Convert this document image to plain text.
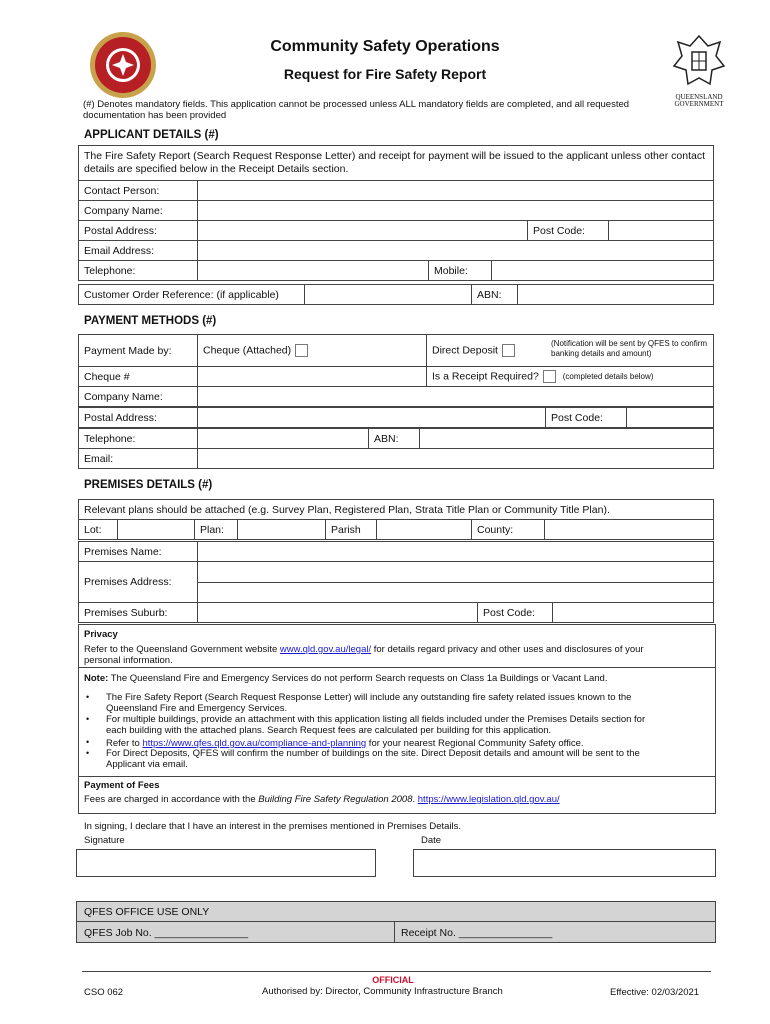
QUEENSLAND
GOVERNMENT
Community Safety Operations
Request for Fire Safety Report
(#) Denotes mandatory fields. This application cannot be processed unless ALL mandatory fields are completed, and all requested documentation has been provided
APPLICANT DETAILS (#)
The Fire Safety Report (Search Request Response Letter) and receipt for payment will be issued to the applicant unless other contact details are specified below in the Receipt Details section.					
Contact Person:					
Company Name:					
Postal Address:				Post Code:	
Email Address:					
Telephone:		Mobile:			
Customer Order Reference: (if applicable)		ABN:	
PAYMENT METHODS (#)
Payment Made by:	Cheque (Attached)	Direct Deposit
(Notification will be sent by QFES to confirm banking details and amount)

Cheque #		Is a Receipt Required? (completed details below)
Company Name:		
Postal Address:		Post Code:	
Telephone:		ABN:	
Email:			
PREMISES DETAILS (#)
Relevant plans should be attached (e.g. Survey Plan, Registered Plan, Strata Title Plan or Community Title Plan).
Lot:		Plan:		Parish		County:	
Premises Name:			
Premises Address:			

Premises Suburb:		Post Code:	
Privacy
Refer to the Queensland Government website www.qld.gov.au/legal/ for details regard privacy and other uses and disclosures of your
personal information.
Note: The Queensland Fire and Emergency Services do not perform Search requests on Class 1a Buildings or Vacant Land.
• The Fire Safety Report (Search Request Response Letter) will include any outstanding fire safety related issues known to the
Queensland Fire and Emergency Services.
• For multiple buildings, provide an attachment with this application listing all fields included under the Premises Details section for
each building with the attached plans. Search Request fees are calculated per building for this application.
• Refer to https://www.qfes.qld.gov.au/compliance-and-planning for your nearest Regional Community Safety office.
• For Direct Deposits, QFES will confirm the number of buildings on the site. Direct Deposit details and amount will be sent to the
Applicant via email.
Payment of Fees
Fees are charged in accordance with the Building Fire Safety Regulation 2008. https://www.legislation.qld.gov.au/
In signing, I declare that I have an interest in the premises mentioned in Premises Details.
Signature	Date
QFES OFFICE USE ONLY
QFES Job No. ________________	Receipt No. ________________
OFFICIAL
CSO 062	Authorised by: Director, Community Infrastructure Branch	Effective: 02/03/2021
